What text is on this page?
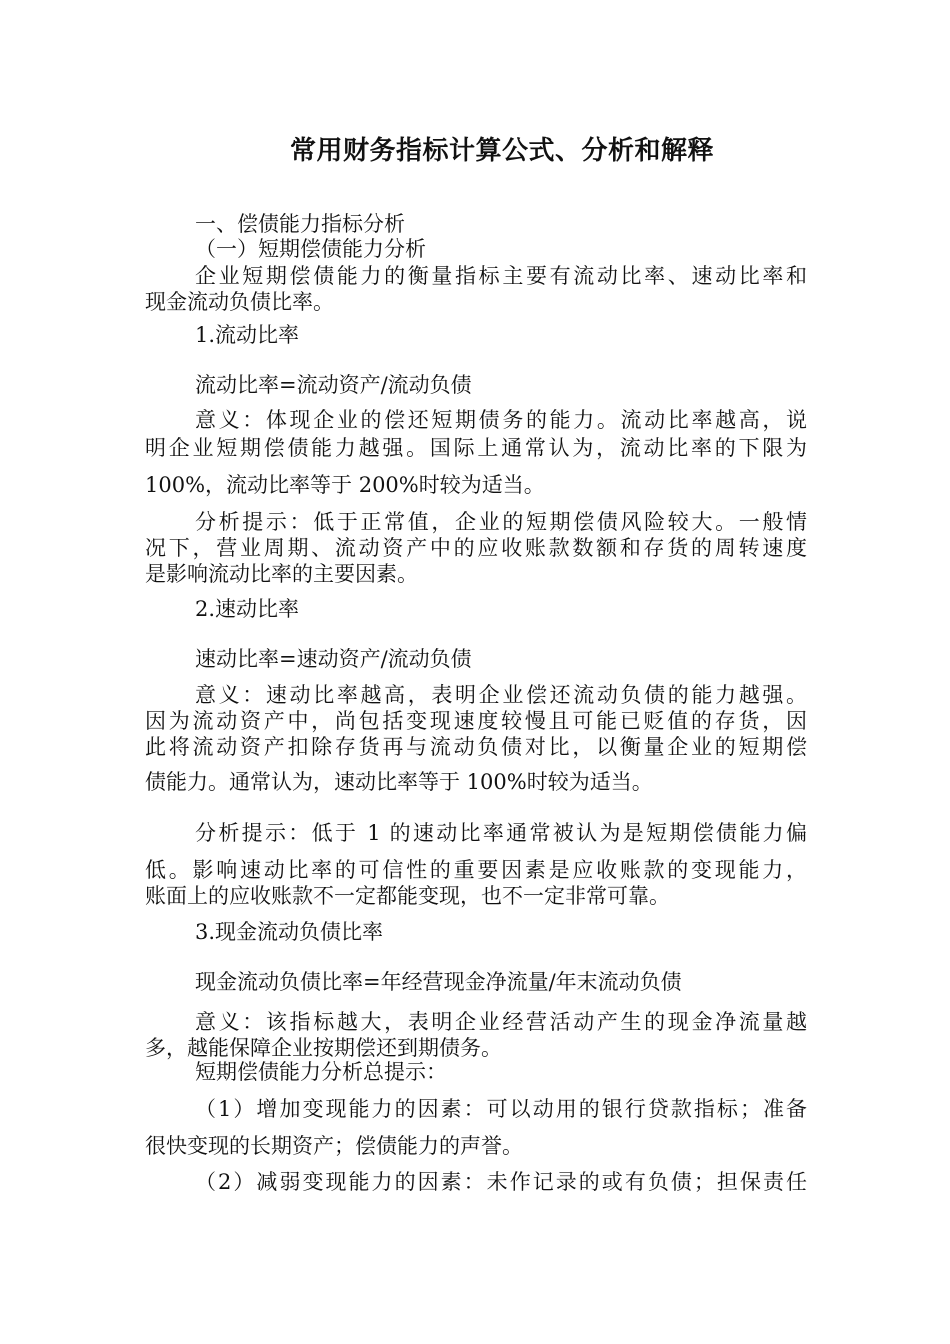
常用财务指标计算公式、分析和解释
一、偿债能力指标分析
（一）短期偿债能力分析
企业短期偿债能力的衡量指标主要有流动比率、速动比率和
现金流动负债比率。
1.流动比率
流动比率=流动资产/流动负债
意义：体现企业的偿还短期债务的能力。流动比率越高，说
明企业短期偿债能力越强。国际上通常认为，流动比率的下限为
100%，流动比率等于 200%时较为适当。
分析提示：低于正常值，企业的短期偿债风险较大。一般情
况下，营业周期、流动资产中的应收账款数额和存货的周转速度
是影响流动比率的主要因素。
2.速动比率
速动比率=速动资产/流动负债
意义：速动比率越高，表明企业偿还流动负债的能力越强。
因为流动资产中，尚包括变现速度较慢且可能已贬值的存货，因
此将流动资产扣除存货再与流动负债对比，以衡量企业的短期偿
债能力。通常认为，速动比率等于 100%时较为适当。
分析提示：低于 1 的速动比率通常被认为是短期偿债能力偏
低。影响速动比率的可信性的重要因素是应收账款的变现能力，
账面上的应收账款不一定都能变现，也不一定非常可靠。
3.现金流动负债比率
现金流动负债比率=年经营现金净流量/年末流动负债
意义：该指标越大，表明企业经营活动产生的现金净流量越
多，越能保障企业按期偿还到期债务。
短期偿债能力分析总提示：
（1）增加变现能力的因素：可以动用的银行贷款指标；准备
很快变现的长期资产；偿债能力的声誉。
（2）减弱变现能力的因素：未作记录的或有负债；担保责任
